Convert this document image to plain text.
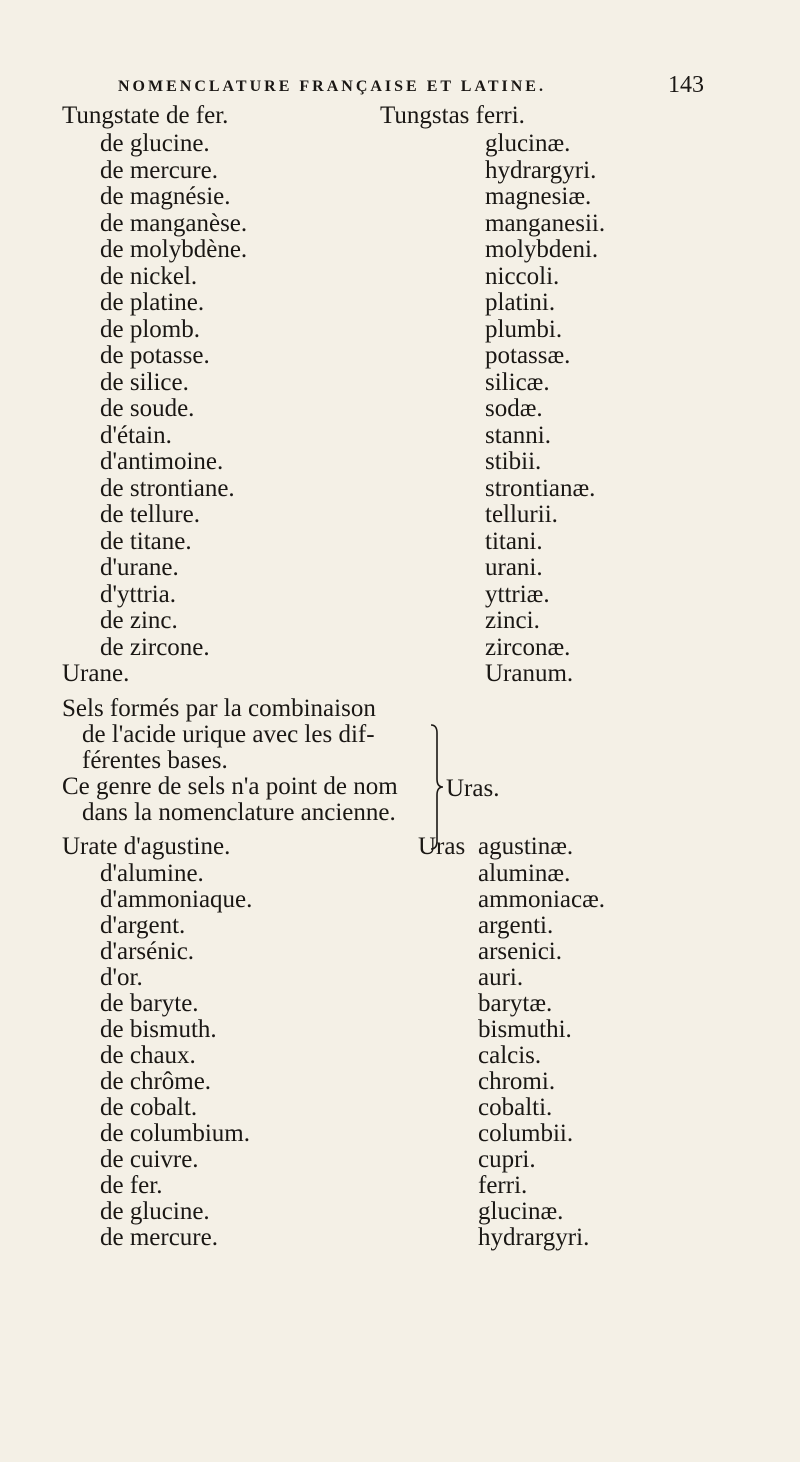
NOMENCLATURE FRANÇAISE ET LATINE.	143
Tungstate de fer.	Tungstas ferri.
de glucine.	glucinæ.
de mercure.	hydrargyri.
de magnésie.	magnesiæ.
de manganèse.	manganesii.
de molybdène.	molybdeni.
de nickel.	niccoli.
de platine.	platini.
de plomb.	plumbi.
de potasse.	potassæ.
de silice.	silicæ.
de soude.	sodæ.
d'étain.	stanni.
d'antimoine.	stibii.
de strontiane.	strontianæ.
de tellure.	tellurii.
de titane.	titani.
d'urane.	urani.
d'yttria.	yttriæ.
de zinc.	zinci.
de zircone.	zirconæ.
Urane.	Uranum.
Sels formés par la combinaison
de l'acide urique avec les dif-
férentes bases.
Ce genre de sels n'a point de nom
dans la nomenclature ancienne.
Uras.
Urate d'agustine.	Uras agustinæ.
d'alumine.	aluminæ.
d'ammoniaque.	ammoniacæ.
d'argent.	argenti.
d'arsénic.	arsenici.
d'or.	auri.
de baryte.	barytæ.
de bismuth.	bismuthi.
de chaux.	calcis.
de chrôme.	chromi.
de cobalt.	cobalti.
de columbium.	columbii.
de cuivre.	cupri.
de fer.	ferri.
de glucine.	glucinæ.
de mercure.	hydrargyri.
